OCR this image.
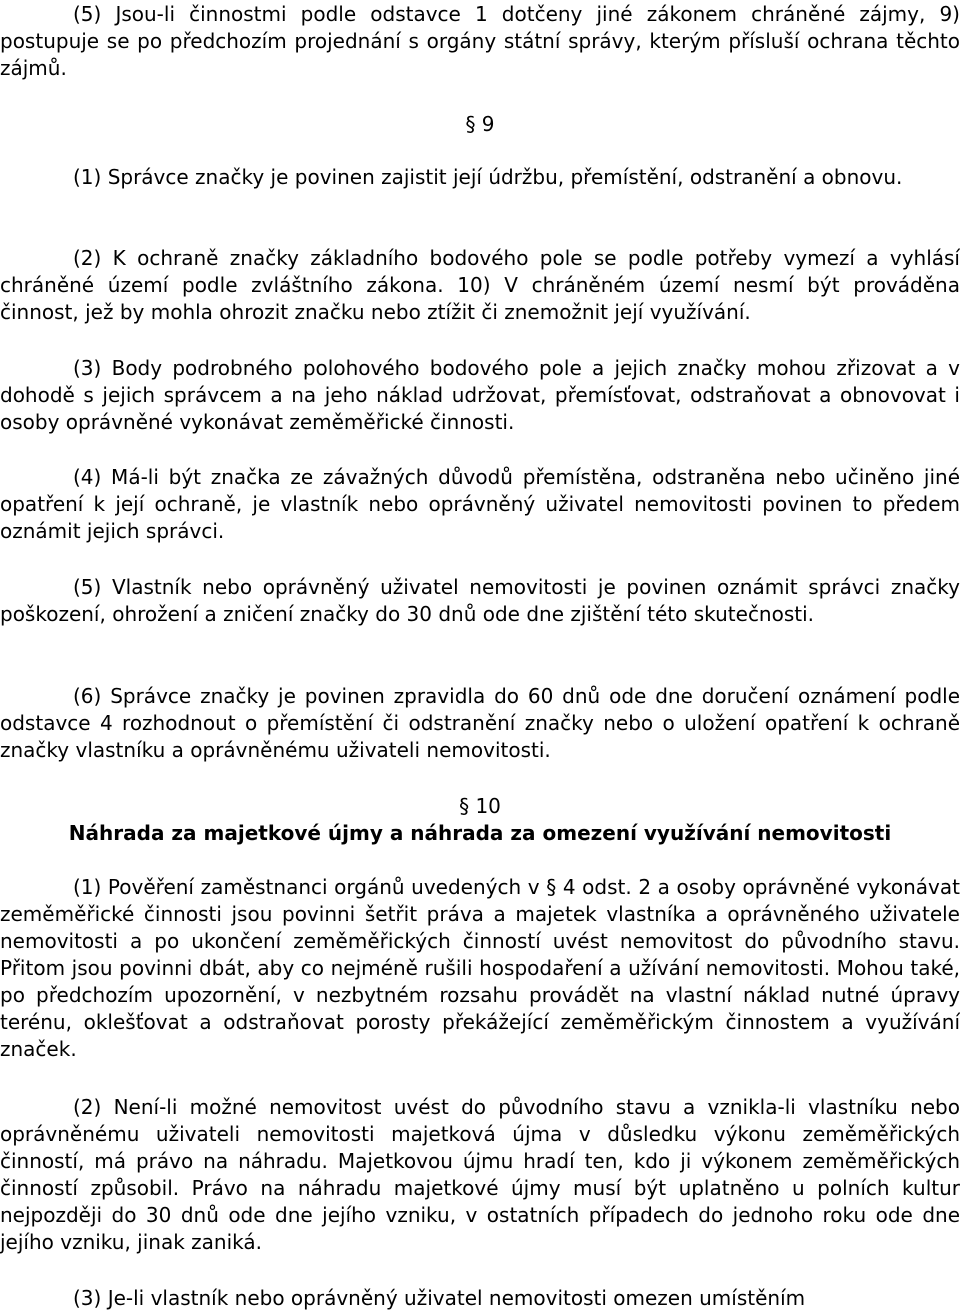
(5) Jsou-li činnostmi podle odstavce 1 dotčeny jiné zákonem chráněné zájmy, 9) postupuje se po předchozím projednání s orgány státní správy, kterým přísluší ochrana těchto zájmů.

§ 9

(1) Správce značky je povinen zajistit její údržbu, přemístění, odstranění a obnovu.

(2) K ochraně značky základního bodového pole se podle potřeby vymezí a vyhlásí chráněné území podle zvláštního zákona. 10) V chráněném území nesmí být prováděna činnost, jež by mohla ohrozit značku nebo ztížit či znemožnit její využívání.

(3) Body podrobného polohového bodového pole a jejich značky mohou zřizovat a v dohodě s jejich správcem a na jeho náklad udržovat, přemísťovat, odstraňovat a obnovovat i osoby oprávněné vykonávat zeměměřické činnosti.

(4) Má-li být značka ze závažných důvodů přemístěna, odstraněna nebo učiněno jiné opatření k její ochraně, je vlastník nebo oprávněný uživatel nemovitosti povinen to předem oznámit jejich správci.

(5) Vlastník nebo oprávněný uživatel nemovitosti je povinen oznámit správci značky poškození, ohrožení a zničení značky do 30 dnů ode dne zjištění této skutečnosti.

(6) Správce značky je povinen zpravidla do 60 dnů ode dne doručení oznámení podle odstavce 4 rozhodnout o přemístění či odstranění značky nebo o uložení opatření k ochraně značky vlastníku a oprávněnému uživateli nemovitosti.

§ 10

Náhrada za majetkové újmy a náhrada za omezení využívání nemovitosti

(1) Pověření zaměstnanci orgánů uvedených v § 4 odst. 2 a osoby oprávněné vykonávat zeměměřické činnosti jsou povinni šetřit práva a majetek vlastníka a oprávněného uživatele nemovitosti a po ukončení zeměměřických činností uvést nemovitost do původního stavu. Přitom jsou povinni dbát, aby co nejméně rušili hospodaření a užívání nemovitosti. Mohou také, po předchozím upozornění, v nezbytném rozsahu provádět na vlastní náklad nutné úpravy terénu, oklešťovat a odstraňovat porosty překážející zeměměřickým činnostem a využívání značek.

(2) Není-li možné nemovitost uvést do původního stavu a vznikla-li vlastníku nebo oprávněnému uživateli nemovitosti majetková újma v důsledku výkonu zeměměřických činností, má právo na náhradu. Majetkovou újmu hradí ten, kdo ji výkonem zeměměřických činností způsobil. Právo na náhradu majetkové újmy musí být uplatněno u polních kultur nejpozději do 30 dnů ode dne jejího vzniku, v ostatních případech do jednoho roku ode dne jejího vzniku, jinak zaniká.

(3) Je-li vlastník nebo oprávněný uživatel nemovitosti omezen umístěním
